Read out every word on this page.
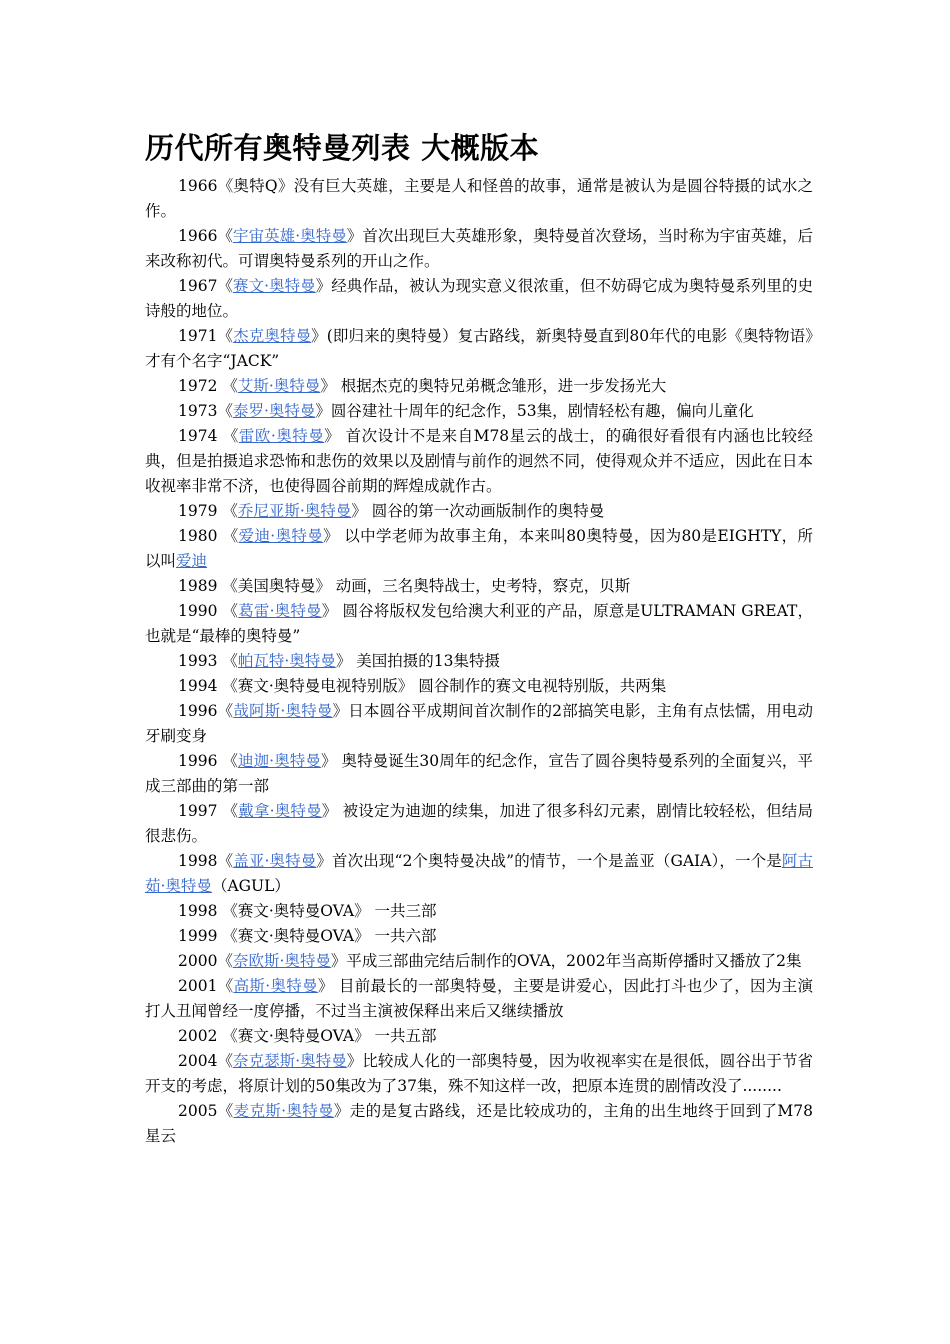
历代所有奥特曼列表 大概版本

1966《奥特Q》没有巨大英雄，主要是人和怪兽的故事，通常是被认为是圆谷特摄的试水之作。

1966《宇宙英雄·奥特曼》首次出现巨大英雄形象，奥特曼首次登场，当时称为宇宙英雄，后来改称初代。可谓奥特曼系列的开山之作。

1967《赛文·奥特曼》经典作品，被认为现实意义很浓重，但不妨碍它成为奥特曼系列里的史诗般的地位。

1971《杰克奥特曼》(即归来的奥特曼）复古路线，新奥特曼直到80年代的电影《奥特物语》才有个名字“JACK”

1972 《艾斯·奥特曼》 根据杰克的奥特兄弟概念雏形，进一步发扬光大

1973《泰罗·奥特曼》圆谷建社十周年的纪念作，53集，剧情轻松有趣，偏向儿童化

1974 《雷欧·奥特曼》 首次设计不是来自M78星云的战士，的确很好看很有内涵也比较经典，但是拍摄追求恐怖和悲伤的效果以及剧情与前作的迥然不同，使得观众并不适应，因此在日本收视率非常不济，也使得圆谷前期的辉煌成就作古。

1979 《乔尼亚斯·奥特曼》 圆谷的第一次动画版制作的奥特曼

1980 《爱迪·奥特曼》 以中学老师为故事主角，本来叫80奥特曼，因为80是EIGHTY，所以叫爱迪

1989 《美国奥特曼》 动画，三名奥特战士，史考特，察克，贝斯

1990 《葛雷·奥特曼》 圆谷将版权发包给澳大利亚的产品，原意是ULTRAMAN GREAT，也就是“最棒的奥特曼”

1993 《帕瓦特·奥特曼》 美国拍摄的13集特摄

1994 《赛文·奥特曼电视特别版》 圆谷制作的赛文电视特别版，共两集

1996《哉阿斯·奥特曼》日本圆谷平成期间首次制作的2部搞笑电影，主角有点怯懦，用电动牙刷变身

1996 《迪迦·奥特曼》 奥特曼诞生30周年的纪念作，宣告了圆谷奥特曼系列的全面复兴，平成三部曲的第一部

1997 《戴拿·奥特曼》 被设定为迪迦的续集，加进了很多科幻元素，剧情比较轻松，但结局很悲伤。

1998《盖亚·奥特曼》首次出现“2个奥特曼决战”的情节，一个是盖亚（GAIA），一个是阿古茹·奥特曼（AGUL）

1998 《赛文·奥特曼OVA》 一共三部

1999 《赛文·奥特曼OVA》 一共六部

2000《奈欧斯·奥特曼》平成三部曲完结后制作的OVA，2002年当高斯停播时又播放了2集

2001《高斯·奥特曼》 目前最长的一部奥特曼，主要是讲爱心，因此打斗也少了，因为主演打人丑闻曾经一度停播，不过当主演被保释出来后又继续播放

2002 《赛文·奥特曼OVA》 一共五部

2004《奈克瑟斯·奥特曼》比较成人化的一部奥特曼，因为收视率实在是很低，圆谷出于节省开支的考虑，将原计划的50集改为了37集，殊不知这样一改，把原本连贯的剧情改没了........

2005《麦克斯·奥特曼》走的是复古路线，还是比较成功的，主角的出生地终于回到了M78星云
